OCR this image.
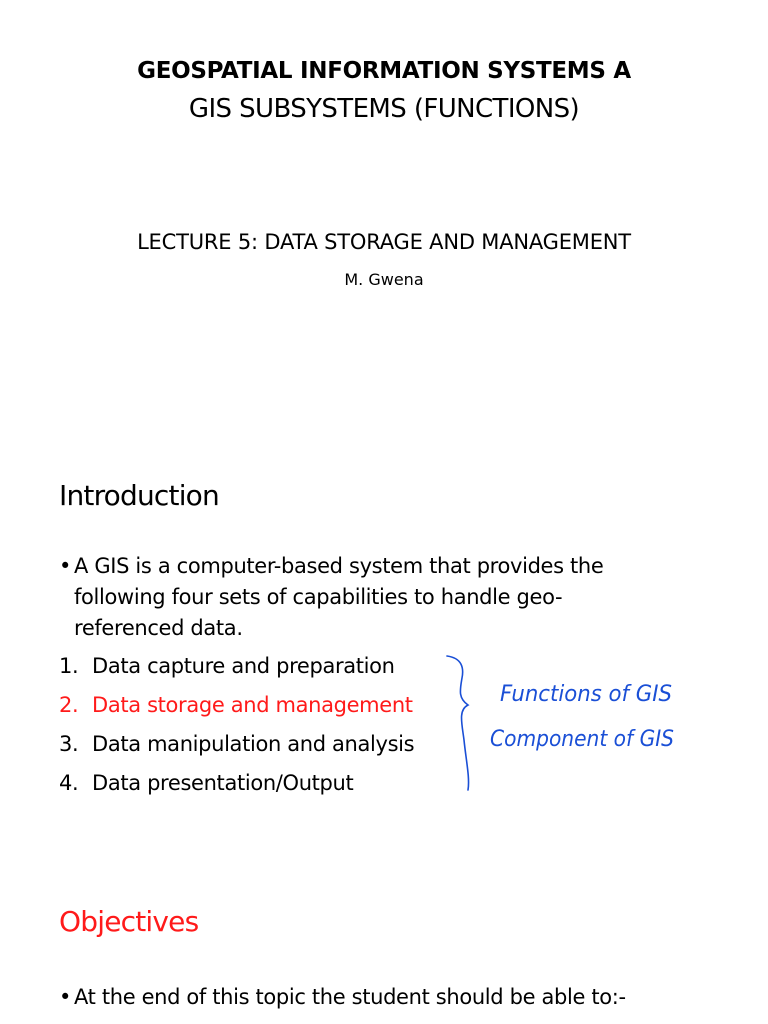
GEOSPATIAL INFORMATION SYSTEMS A
GIS SUBSYSTEMS (FUNCTIONS)
LECTURE 5: DATA STORAGE AND MANAGEMENT
M. Gwena
Introduction
• A GIS is a computer-based system that provides the
following four sets of capabilities to handle geo-
referenced data.
1. Data capture and preparation
2. Data storage and management
3. Data manipulation and analysis
4. Data presentation/Output
Functions of GIS
Component of GIS
Objectives
• At the end of this topic the student should be able to:-
